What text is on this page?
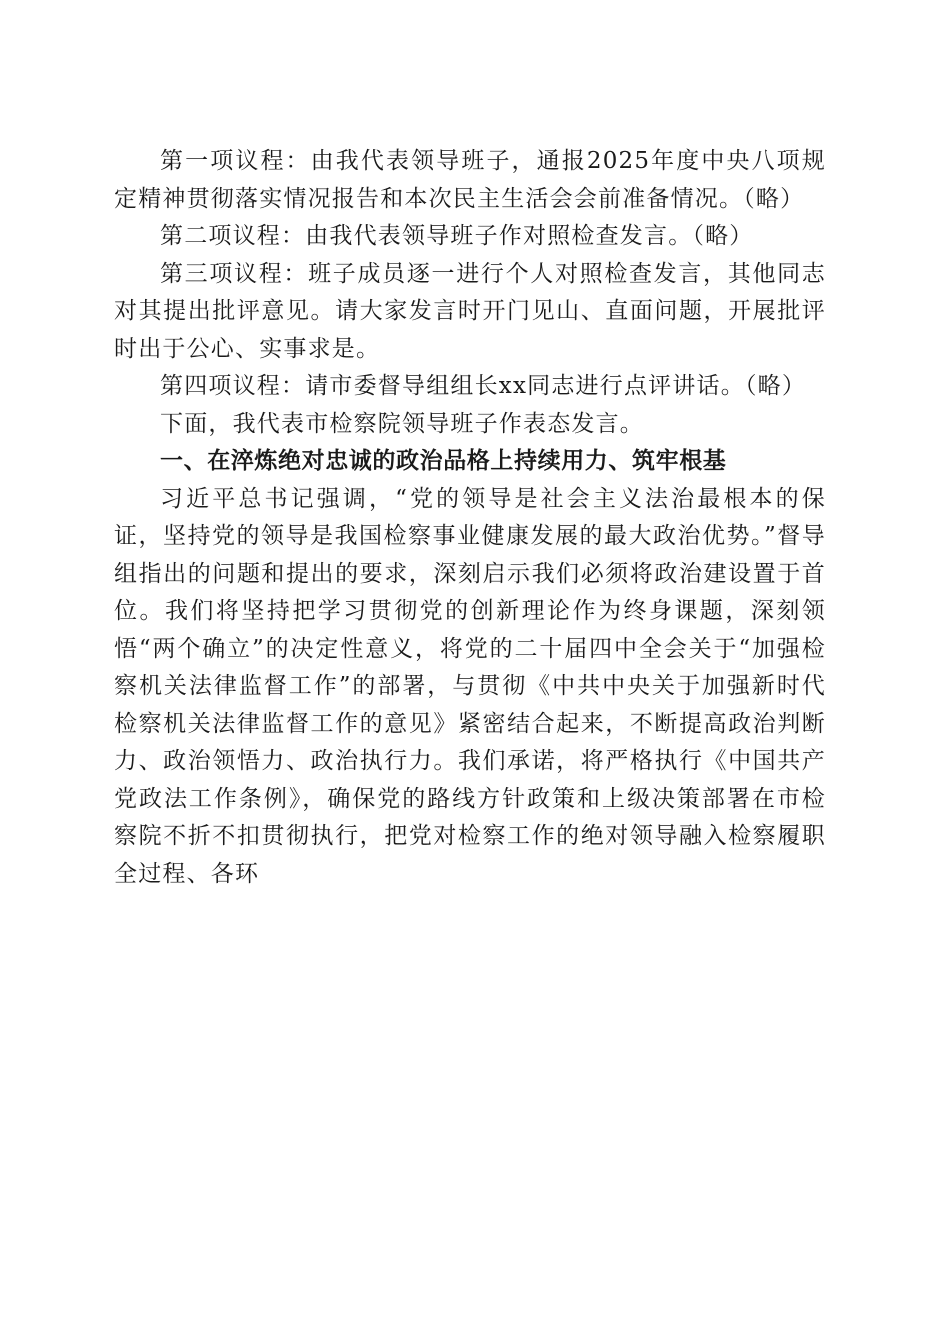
第一项议程：由我代表领导班子，通报2025年度中央八项规定精神贯彻落实情况报告和本次民主生活会会前准备情况。（略）

第二项议程：由我代表领导班子作对照检查发言。（略）

第三项议程：班子成员逐一进行个人对照检查发言，其他同志对其提出批评意见。请大家发言时开门见山、直面问题，开展批评时出于公心、实事求是。

第四项议程：请市委督导组组长xx同志进行点评讲话。（略）

下面，我代表市检察院领导班子作表态发言。

一、在淬炼绝对忠诚的政治品格上持续用力、筑牢根基

习近平总书记强调，“党的领导是社会主义法治最根本的保证，坚持党的领导是我国检察事业健康发展的最大政治优势。”督导组指出的问题和提出的要求，深刻启示我们必须将政治建设置于首位。我们将坚持把学习贯彻党的创新理论作为终身课题，深刻领悟“两个确立”的决定性意义，将党的二十届四中全会关于“加强检察机关法律监督工作”的部署，与贯彻《中共中央关于加强新时代检察机关法律监督工作的意见》紧密结合起来，不断提高政治判断力、政治领悟力、政治执行力。我们承诺，将严格执行《中国共产党政法工作条例》，确保党的路线方针政策和上级决策部署在市检察院不折不扣贯彻执行，把党对检察工作的绝对领导融入检察履职全过程、各环
